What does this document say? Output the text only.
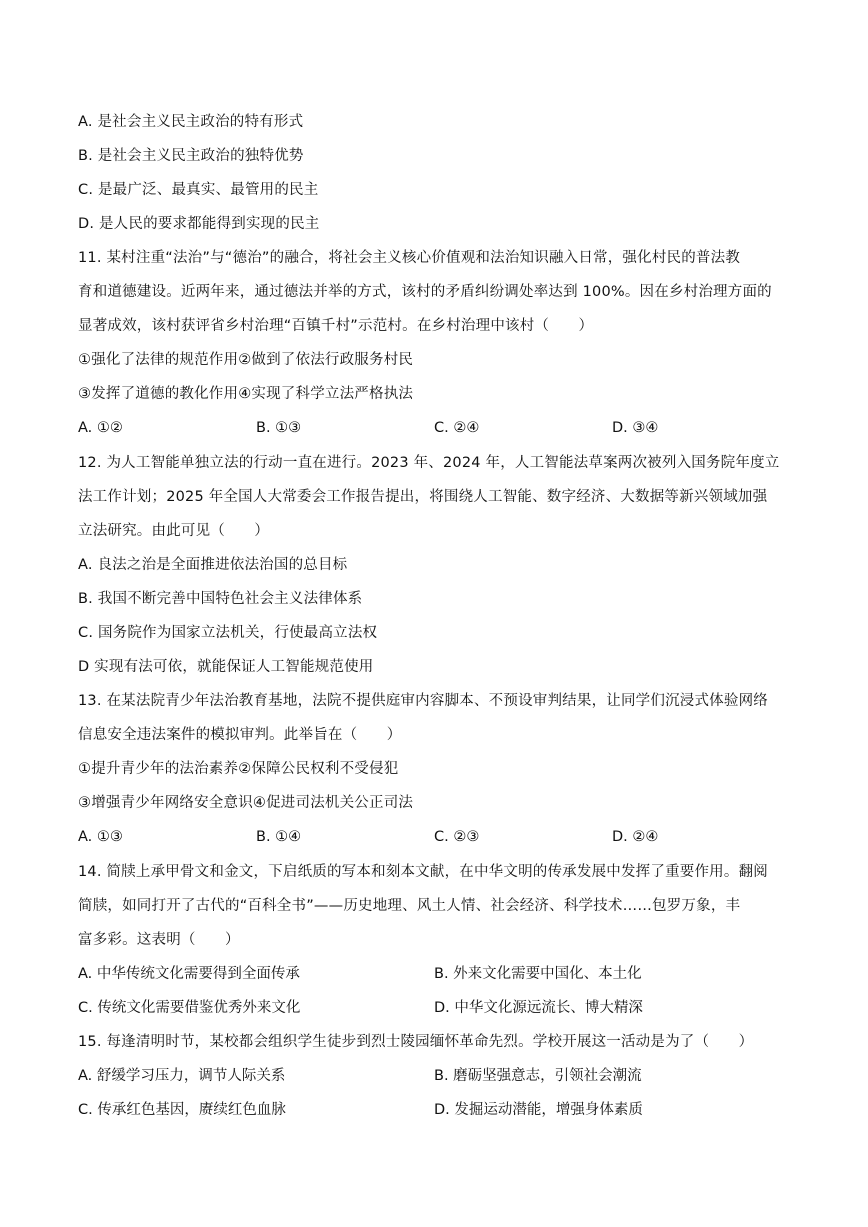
A. 是社会主义民主政治的特有形式
B. 是社会主义民主政治的独特优势
C. 是最广泛、最真实、最管用的民主
D. 是人民的要求都能得到实现的民主
11. 某村注重“法治”与“德治”的融合，将社会主义核心价值观和法治知识融入日常，强化村民的普法教
育和道德建设。近两年来，通过德法并举的方式，该村的矛盾纠纷调处率达到 100%。因在乡村治理方面的
显著成效，该村获评省乡村治理“百镇千村”示范村。在乡村治理中该村（　　）
①强化了法律的规范作用②做到了依法行政服务村民
③发挥了道德的教化作用④实现了科学立法严格执法
A. ①②	B. ①③	C. ②④	D. ③④
12. 为人工智能单独立法的行动一直在进行。2023 年、2024 年，人工智能法草案两次被列入国务院年度立
法工作计划；2025 年全国人大常委会工作报告提出，将围绕人工智能、数字经济、大数据等新兴领域加强
立法研究。由此可见（　　）
A. 良法之治是全面推进依法治国的总目标
B. 我国不断完善中国特色社会主义法律体系
C. 国务院作为国家立法机关，行使最高立法权
D 实现有法可依，就能保证人工智能规范使用
13. 在某法院青少年法治教育基地，法院不提供庭审内容脚本、不预设审判结果，让同学们沉浸式体验网络
信息安全违法案件的模拟审判。此举旨在（　　）
①提升青少年的法治素养②保障公民权利不受侵犯
③增强青少年网络安全意识④促进司法机关公正司法
A. ①③	B. ①④	C. ②③	D. ②④
14. 简牍上承甲骨文和金文，下启纸质的写本和刻本文献，在中华文明的传承发展中发挥了重要作用。翻阅
简牍，如同打开了古代的“百科全书”——历史地理、风土人情、社会经济、科学技术……包罗万象，丰
富多彩。这表明（　　）
A. 中华传统文化需要得到全面传承	B. 外来文化需要中国化、本土化
C. 传统文化需要借鉴优秀外来文化	D. 中华文化源远流长、博大精深
15. 每逢清明时节，某校都会组织学生徒步到烈士陵园缅怀革命先烈。学校开展这一活动是为了（　　）
A. 舒缓学习压力，调节人际关系	B. 磨砺坚强意志，引领社会潮流
C. 传承红色基因，赓续红色血脉	D. 发掘运动潜能，增强身体素质
